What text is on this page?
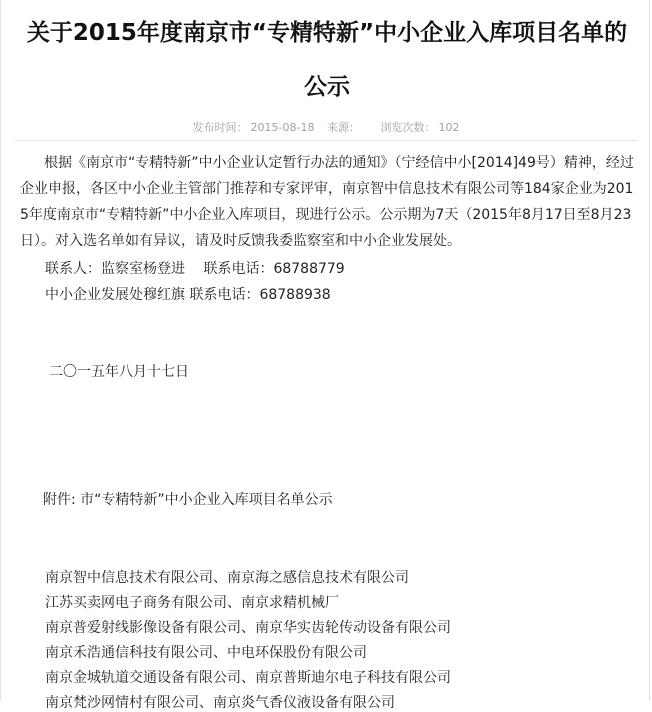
关于2015年度南京市“专精特新”中小企业入库项目名单的
公示
发布时间： 2015-08-18 来源： 浏览次数： 102
根据《南京市“专精特新”中小企业认定暂行办法的通知》（宁经信中小[2014]49号）精神，经过企业申报，各区中小企业主管部门推荐和专家评审，南京智中信息技术有限公司等184家企业为2015年度南京市“专精特新”中小企业入库项目，现进行公示。公示期为7天（2015年8月17日至8月23 日）。对入选名单如有异议，请及时反馈我委监察室和中小企业发展处。
联系人：监察室杨登进　 联系电话：68788779
中小企业发展处穆红旗 联系电话：68788938
二〇一五年八月十七日
附件: 市“专精特新”中小企业入库项目名单公示
南京智中信息技术有限公司、南京海之感信息技术有限公司
江苏买卖网电子商务有限公司、南京求精机械厂
南京普爱射线影像设备有限公司、南京华实齿轮传动设备有限公司
南京禾浩通信科技有限公司、中电环保股份有限公司
南京金城轨道交通设备有限公司、南京普斯迪尔电子科技有限公司
南京梵沙网情村有限公司、南京炎气香仪液设备有限公司
